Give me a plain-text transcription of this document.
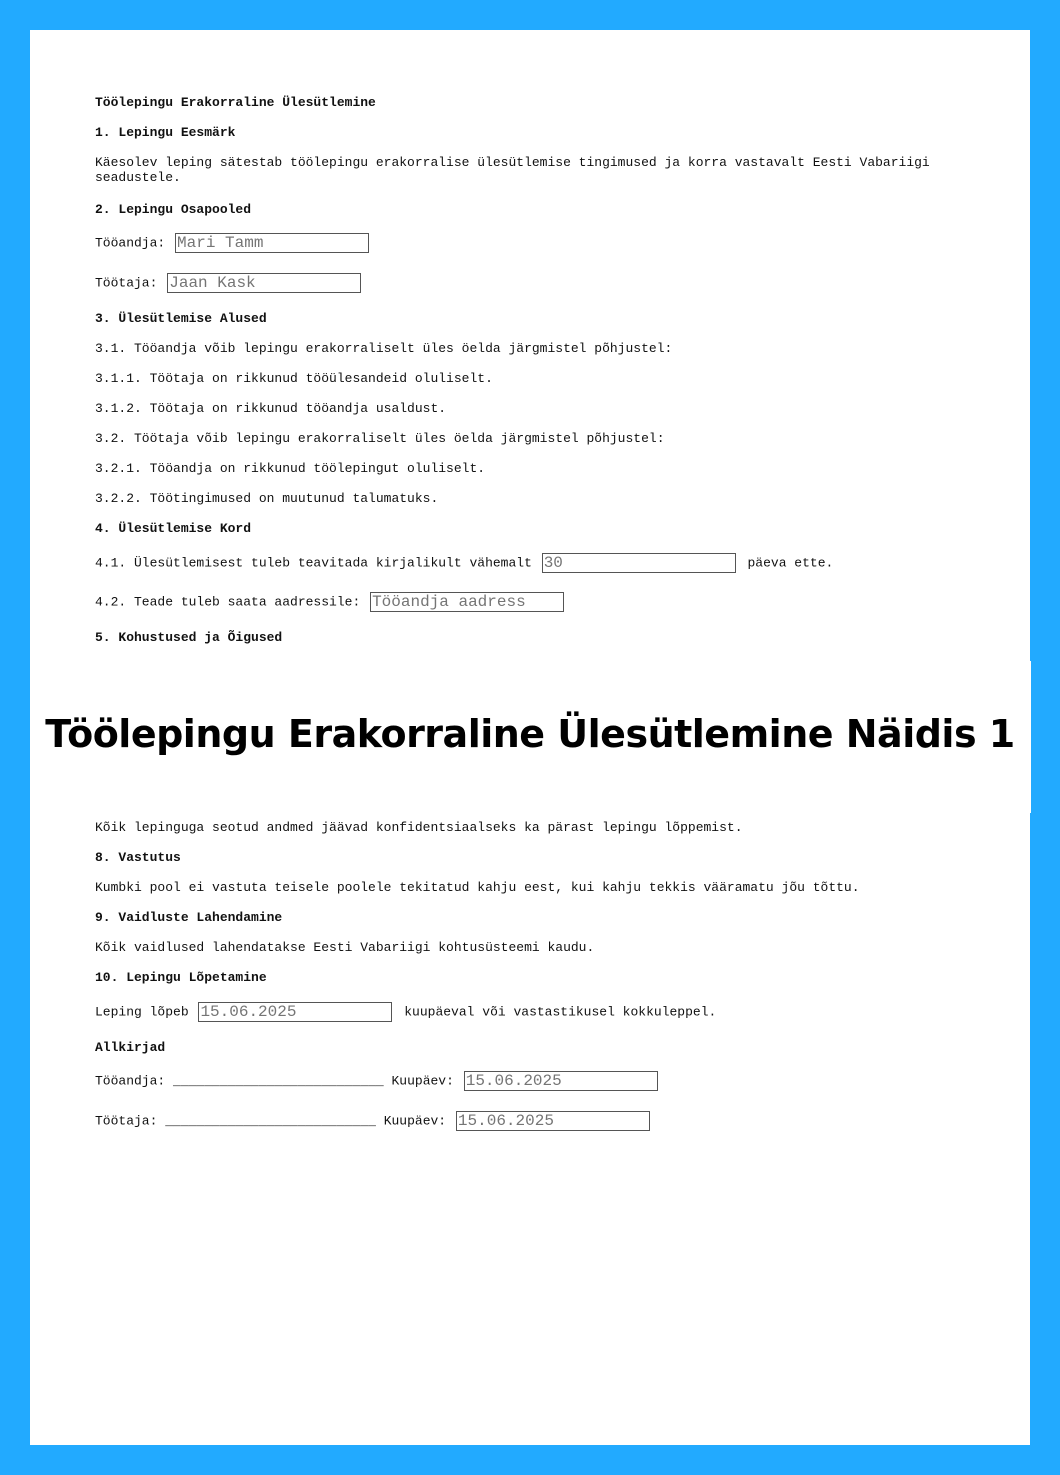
Töölepingu Erakorraline Ülesütlemine
1. Lepingu Eesmärk
Käesolev leping sätestab töölepingu erakorralise ülesütlemise tingimused ja korra vastavalt Eesti Vabariigi seadustele.
2. Lepingu Osapooled
Tööandja: Mari Tamm
Töötaja: Jaan Kask
3. Ülesütlemise Alused
3.1. Tööandja võib lepingu erakorraliselt üles öelda järgmistel põhjustel:
3.1.1. Töötaja on rikkunud tööülesandeid oluliselt.
3.1.2. Töötaja on rikkunud tööandja usaldust.
3.2. Töötaja võib lepingu erakorraliselt üles öelda järgmistel põhjustel:
3.2.1. Tööandja on rikkunud töölepingut oluliselt.
3.2.2. Töötingimused on muutunud talumatuks.
4. Ülesütlemise Kord
4.1. Ülesütlemisest tuleb teavitada kirjalikult vähemalt 30	päeva ette.
4.2. Teade tuleb saata aadressile: Tööandja aadress
5. Kohustused ja Õigused
Kõik lepinguga seotud andmed jäävad konfidentsiaalseks ka pärast lepingu lõppemist.
8. Vastutus
Kumbki pool ei vastuta teisele poolele tekitatud kahju eest, kui kahju tekkis vääramatu jõu tõttu.
9. Vaidluste Lahendamine
Kõik vaidlused lahendatakse Eesti Vabariigi kohtusüsteemi kaudu.
10. Lepingu Lõpetamine
Leping lõpeb 15.06.2025	kuupäeval või vastastikusel kokkuleppel.
Allkirjad
Tööandja: ___________________________ Kuupäev: 15.06.2025
Töötaja: ___________________________ Kuupäev: 15.06.2025
Töölepingu Erakorraline Ülesütlemine Näidis 1
